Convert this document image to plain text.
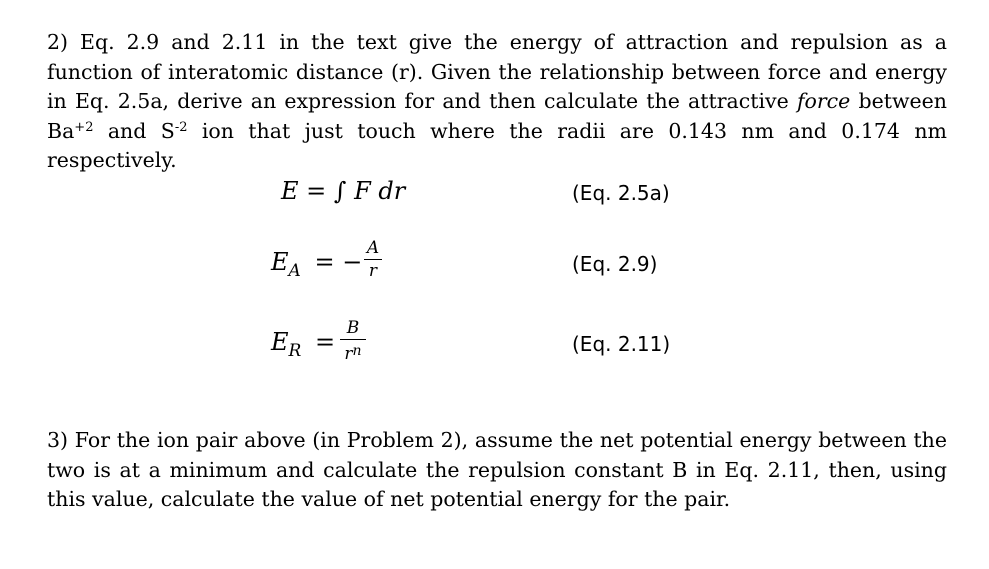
2) Eq. 2.9 and 2.11 in the text give the energy of attraction and repulsion as a function of interatomic distance (r). Given the relationship between force and energy in Eq. 2.5a, derive an expression for and then calculate the attractive force between $Ba^{+2}$ and $S^{-2}$ ion that just touch where the radii are 0.143 nm and 0.174 nm respectively.
E = ∫ F dr	(Eq. 2.5a)
$E_A$ = − A
r	(Eq. 2.9)
$E_R = B$
$r^n$	(Eq. 2.11)
3) For the ion pair above (in Problem 2), assume the net potential energy between the two is at a minimum and calculate the repulsion constant B in Eq. 2.11, then, using this value, calculate the value of net potential energy for the pair.
